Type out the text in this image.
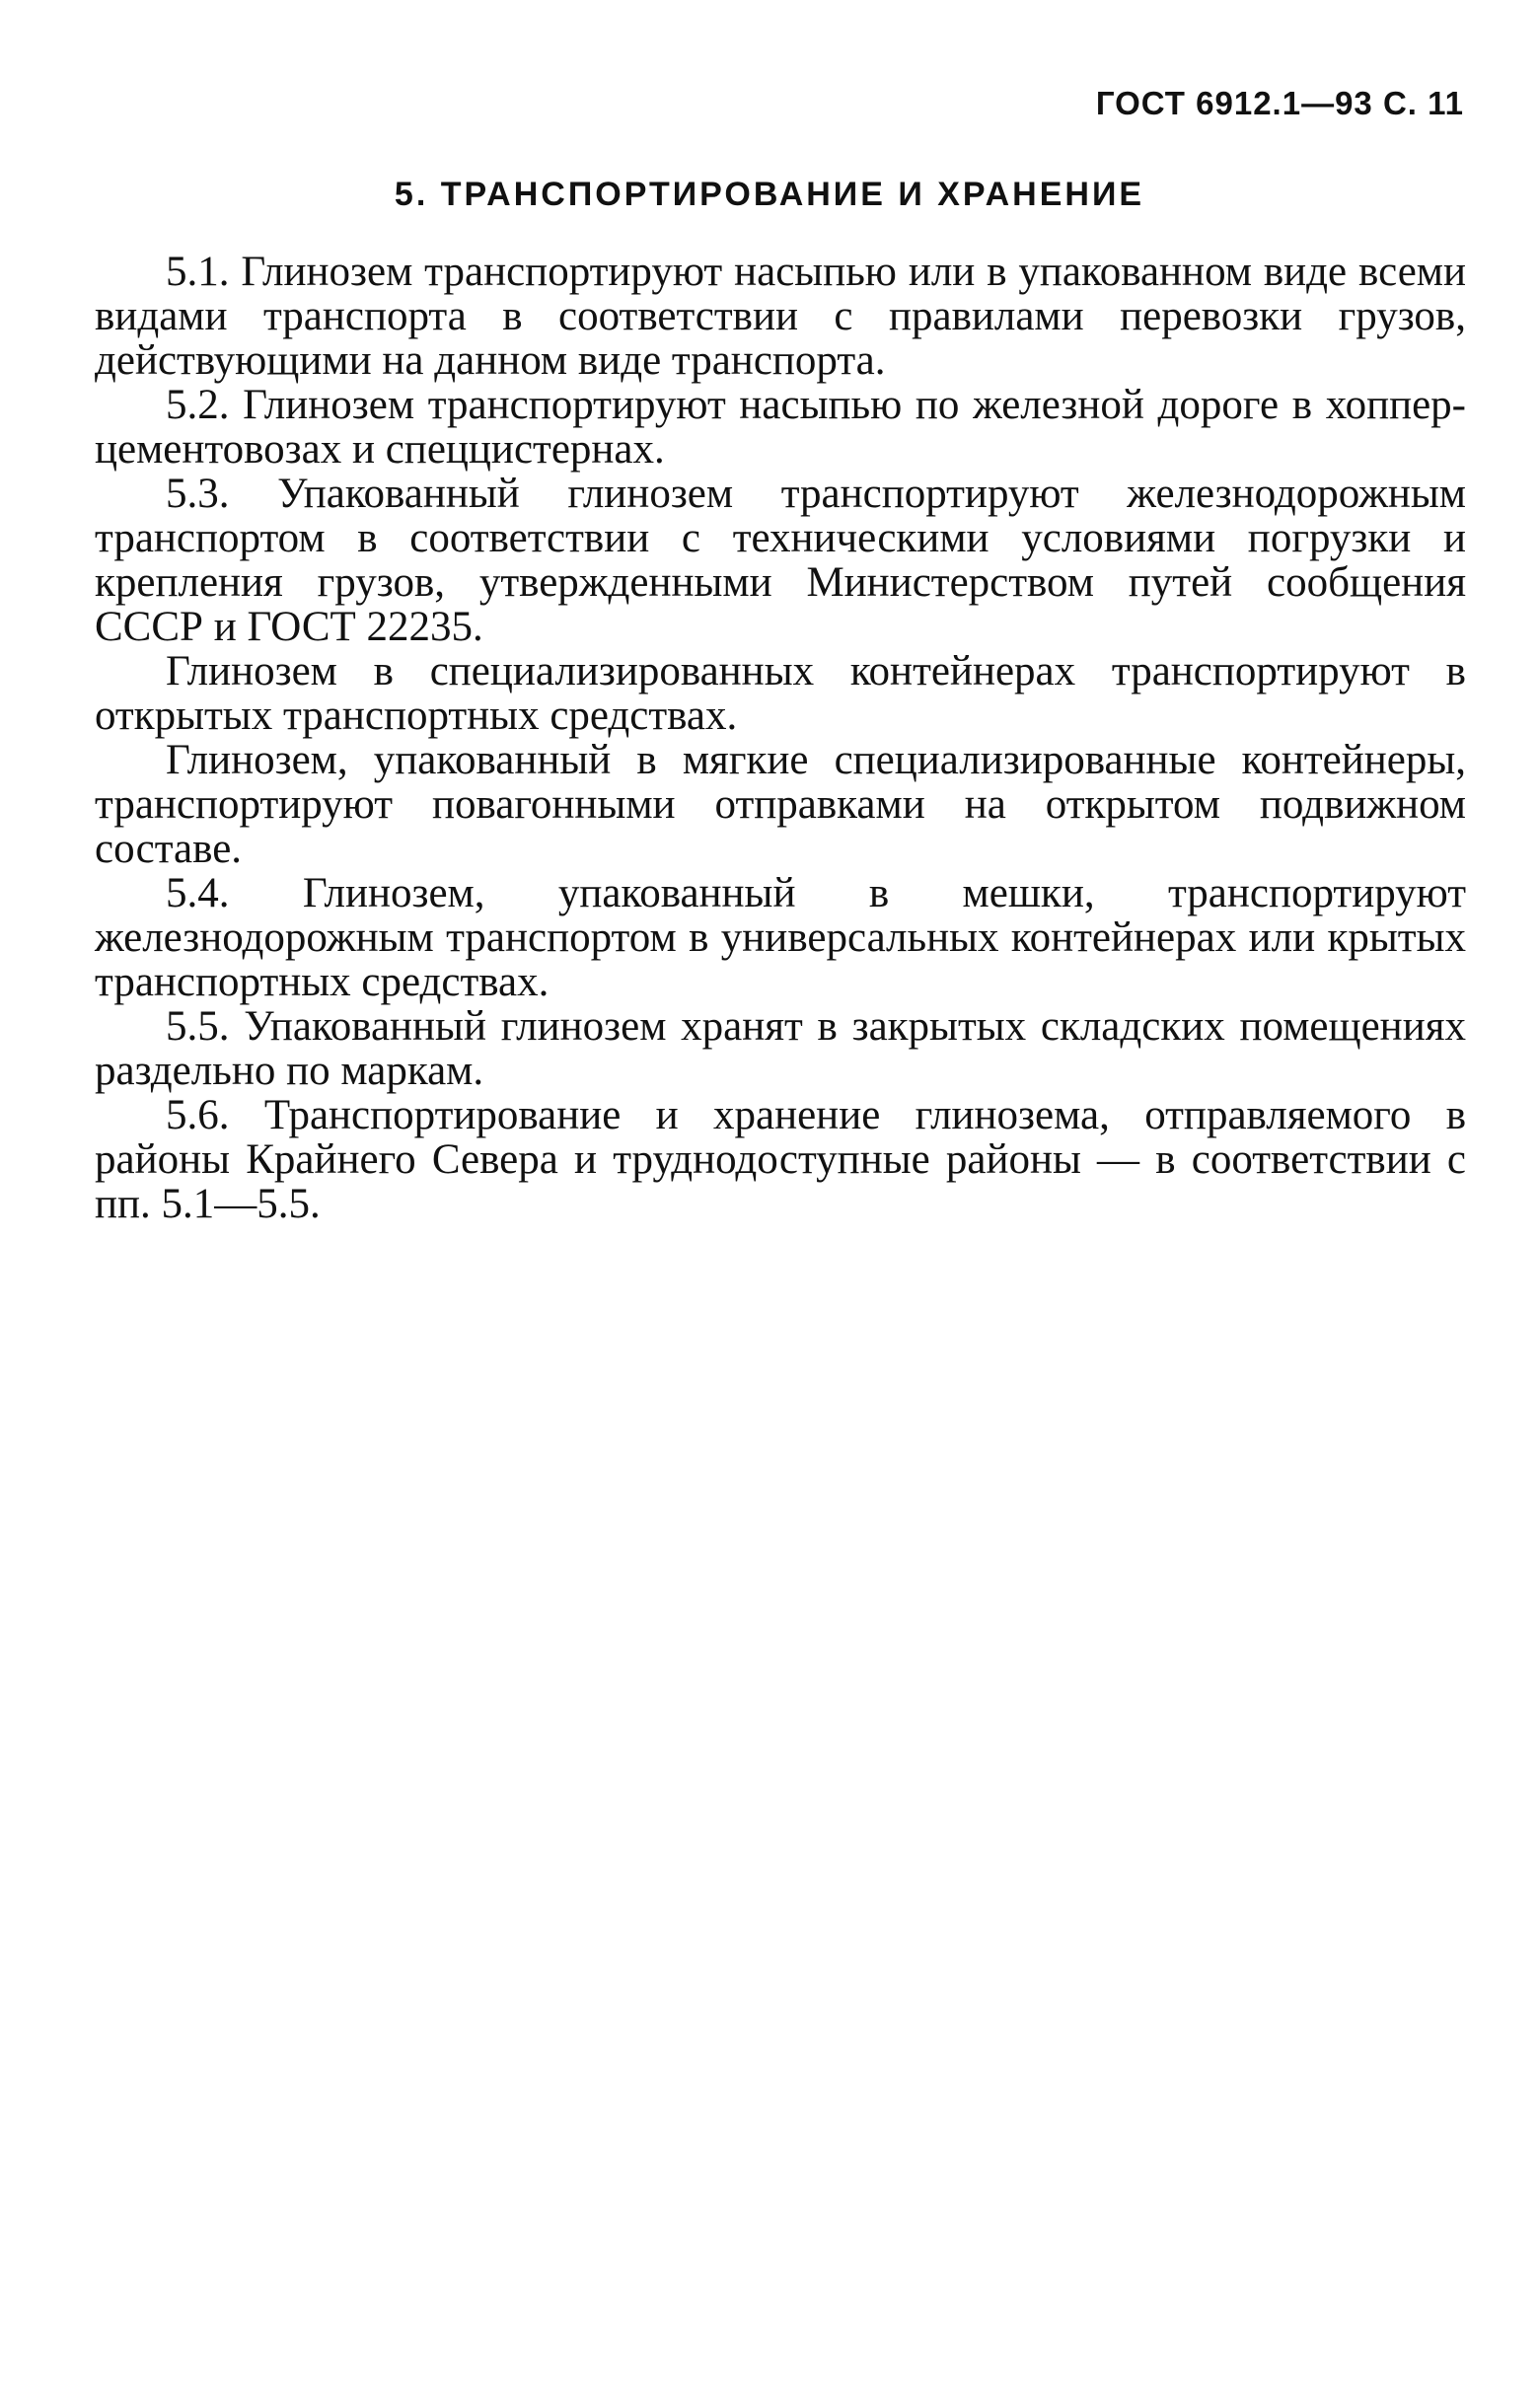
ГОСТ 6912.1—93 С. 11
5. ТРАНСПОРТИРОВАНИЕ И ХРАНЕНИЕ

5.1. Глинозем транспортируют насыпью или в упакованном виде всеми видами транспорта в соответствии с правилами перевозки грузов, действующими на данном виде транспорта.

5.2. Глинозем транспортируют насыпью по железной дороге в хоппер-цементовозах и спеццистернах.

5.3. Упакованный глинозем транспортируют железнодорожным транспортом в соответствии с техническими условиями погрузки и крепления грузов, утвержденными Министерством путей сообщения СССР и ГОСТ 22235.

Глинозем в специализированных контейнерах транспортируют в открытых транспортных средствах.

Глинозем, упакованный в мягкие специализированные контейнеры, транспортируют повагонными отправками на открытом подвижном составе.

5.4. Глинозем, упакованный в мешки, транспортируют железнодорожным транспортом в универсальных контейнерах или крытых транспортных средствах.

5.5. Упакованный глинозем хранят в закрытых складских помещениях раздельно по маркам.

5.6. Транспортирование и хранение глинозема, отправляемого в районы Крайнего Севера и труднодоступные районы — в соответствии с пп. 5.1—5.5.
